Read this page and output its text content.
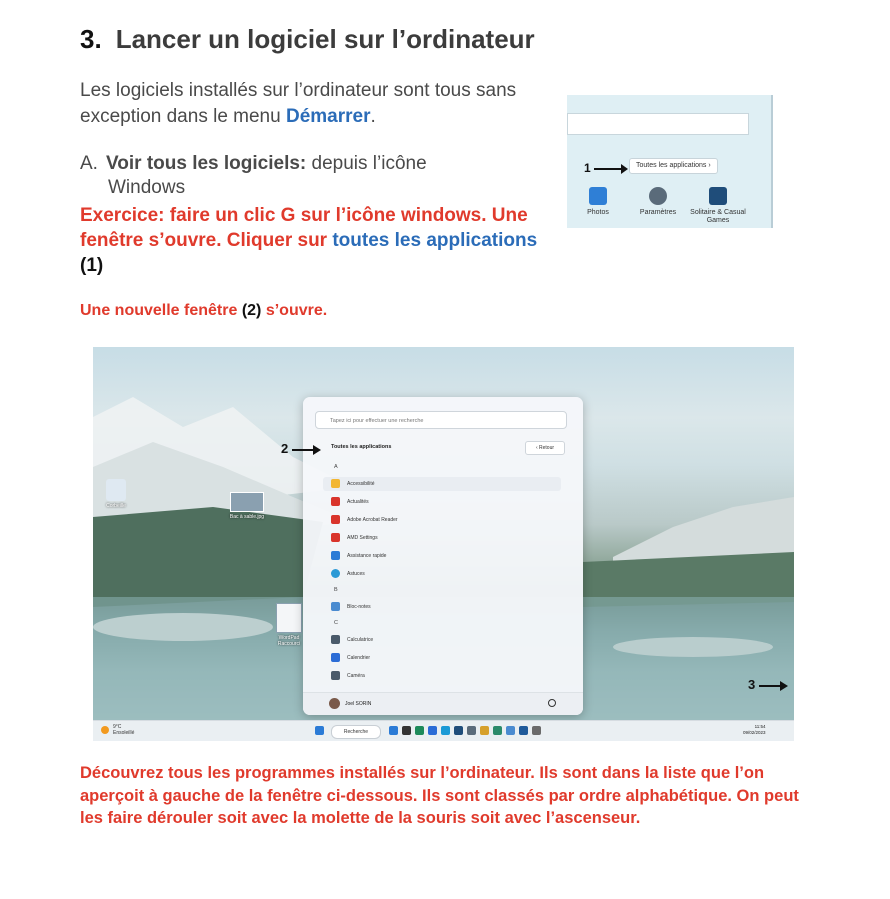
3. Lancer un logiciel sur l’ordinateur
Les logiciels installés sur l’ordinateur sont tous sans exception dans le menu Démarrer.
A. Voir tous les logiciels: depuis l’icône
Windows
Exercice: faire un clic G sur l’icône windows. Une fenêtre s’ouvre. Cliquer sur toutes les applications (1)
Une nouvelle fenêtre (2) s’ouvre.
1	Toutes les applications ›
Photos	Paramètres	Solitaire & Casual Games
Corbeille
Bac à sable.jpg
WordPad Raccourci
Tapez ici pour effectuer une recherche
Toutes les applications	‹ Retour
A
Accessibilité
Actualités
Adobe Acrobat Reader
AMD Settings
Assistance rapide
Astuces
B
Bloc-notes
C
Calculatrice
Calendrier
Caméra
Joel SORIN
2
3
9°C
Ensoleillé	Recherche
11:54
09/02/2023
Découvrez tous les programmes installés sur l’ordinateur. Ils sont dans la liste que l’on aperçoit à gauche de la fenêtre ci-dessous. Ils sont classés par ordre alphabétique. On peut les faire dérouler soit avec la molette de la souris soit avec l’ascenseur.
